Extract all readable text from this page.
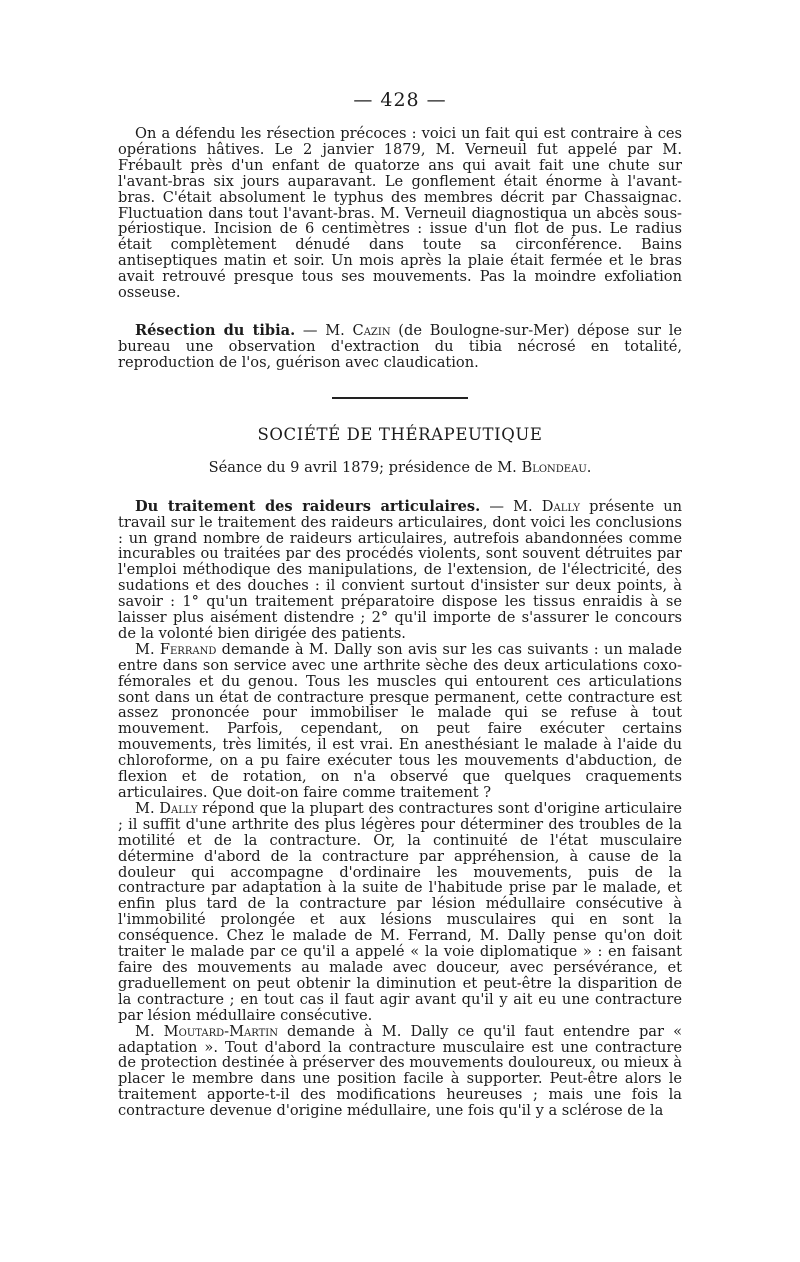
— 428 —

On a défendu les résection précoces : voici un fait qui est contraire à ces opérations hâtives. Le 2 janvier 1879, M. Verneuil fut appelé par M. Frébault près d'un enfant de quatorze ans qui avait fait une chute sur l'avant-bras six jours auparavant. Le gonflement était énorme à l'avant-bras. C'était absolument le typhus des membres décrit par Chassaignac. Fluctuation dans tout l'avant-bras. M. Verneuil diagnostiqua un abcès sous-périostique. Incision de 6 centimètres : issue d'un flot de pus. Le radius était complètement dénudé dans toute sa circonférence. Bains antiseptiques matin et soir. Un mois après la plaie était fermée et le bras avait retrouvé presque tous ses mouvements. Pas la moindre exfoliation osseuse.

Résection du tibia. — M. Cazin (de Boulogne-sur-Mer) dépose sur le bureau une observation d'extraction du tibia nécrosé en totalité, reproduction de l'os, guérison avec claudication.

SOCIÉTÉ DE THÉRAPEUTIQUE
Séance du 9 avril 1879; présidence de M. Blondeau.

Du traitement des raideurs articulaires. — M. Dally présente un travail sur le traitement des raideurs articulaires, dont voici les conclusions : un grand nombre de raideurs articulaires, autrefois abandonnées comme incurables ou traitées par des procédés violents, sont souvent détruites par l'emploi méthodique des manipulations, de l'extension, de l'électricité, des sudations et des douches : il convient surtout d'insister sur deux points, à savoir : 1° qu'un traitement préparatoire dispose les tissus enraidis à se laisser plus aisément distendre ; 2° qu'il importe de s'assurer le concours de la volonté bien dirigée des patients.

M. Ferrand demande à M. Dally son avis sur les cas suivants : un malade entre dans son service avec une arthrite sèche des deux articulations coxo-fémorales et du genou. Tous les muscles qui entourent ces articulations sont dans un état de contracture presque permanent, cette contracture est assez prononcée pour immobiliser le malade qui se refuse à tout mouvement. Parfois, cependant, on peut faire exécuter certains mouvements, très limités, il est vrai. En anesthésiant le malade à l'aide du chloroforme, on a pu faire exécuter tous les mouvements d'abduction, de flexion et de rotation, on n'a observé que quelques craquements articulaires. Que doit-on faire comme traitement ?

M. Dally répond que la plupart des contractures sont d'origine articulaire ; il suffit d'une arthrite des plus légères pour déterminer des troubles de la motilité et de la contracture. Or, la continuité de l'état musculaire détermine d'abord de la contracture par appréhension, à cause de la douleur qui accompagne d'ordinaire les mouvements, puis de la contracture par adaptation à la suite de l'habitude prise par le malade, et enfin plus tard de la contracture par lésion médullaire consécutive à l'immobilité prolongée et aux lésions musculaires qui en sont la conséquence. Chez le malade de M. Ferrand, M. Dally pense qu'on doit traiter le malade par ce qu'il a appelé « la voie diplomatique » : en faisant faire des mouvements au malade avec douceur, avec persévérance, et graduellement on peut obtenir la diminution et peut-être la disparition de la contracture ; en tout cas il faut agir avant qu'il y ait eu une contracture par lésion médullaire consécutive.

M. Moutard-Martin demande à M. Dally ce qu'il faut entendre par « adaptation ». Tout d'abord la contracture musculaire est une contracture de protection destinée à préserver des mouvements douloureux, ou mieux à placer le membre dans une position facile à supporter. Peut-être alors le traitement apporte-t-il des modifications heureuses ; mais une fois la contracture devenue d'origine médullaire, une fois qu'il y a sclérose de la
